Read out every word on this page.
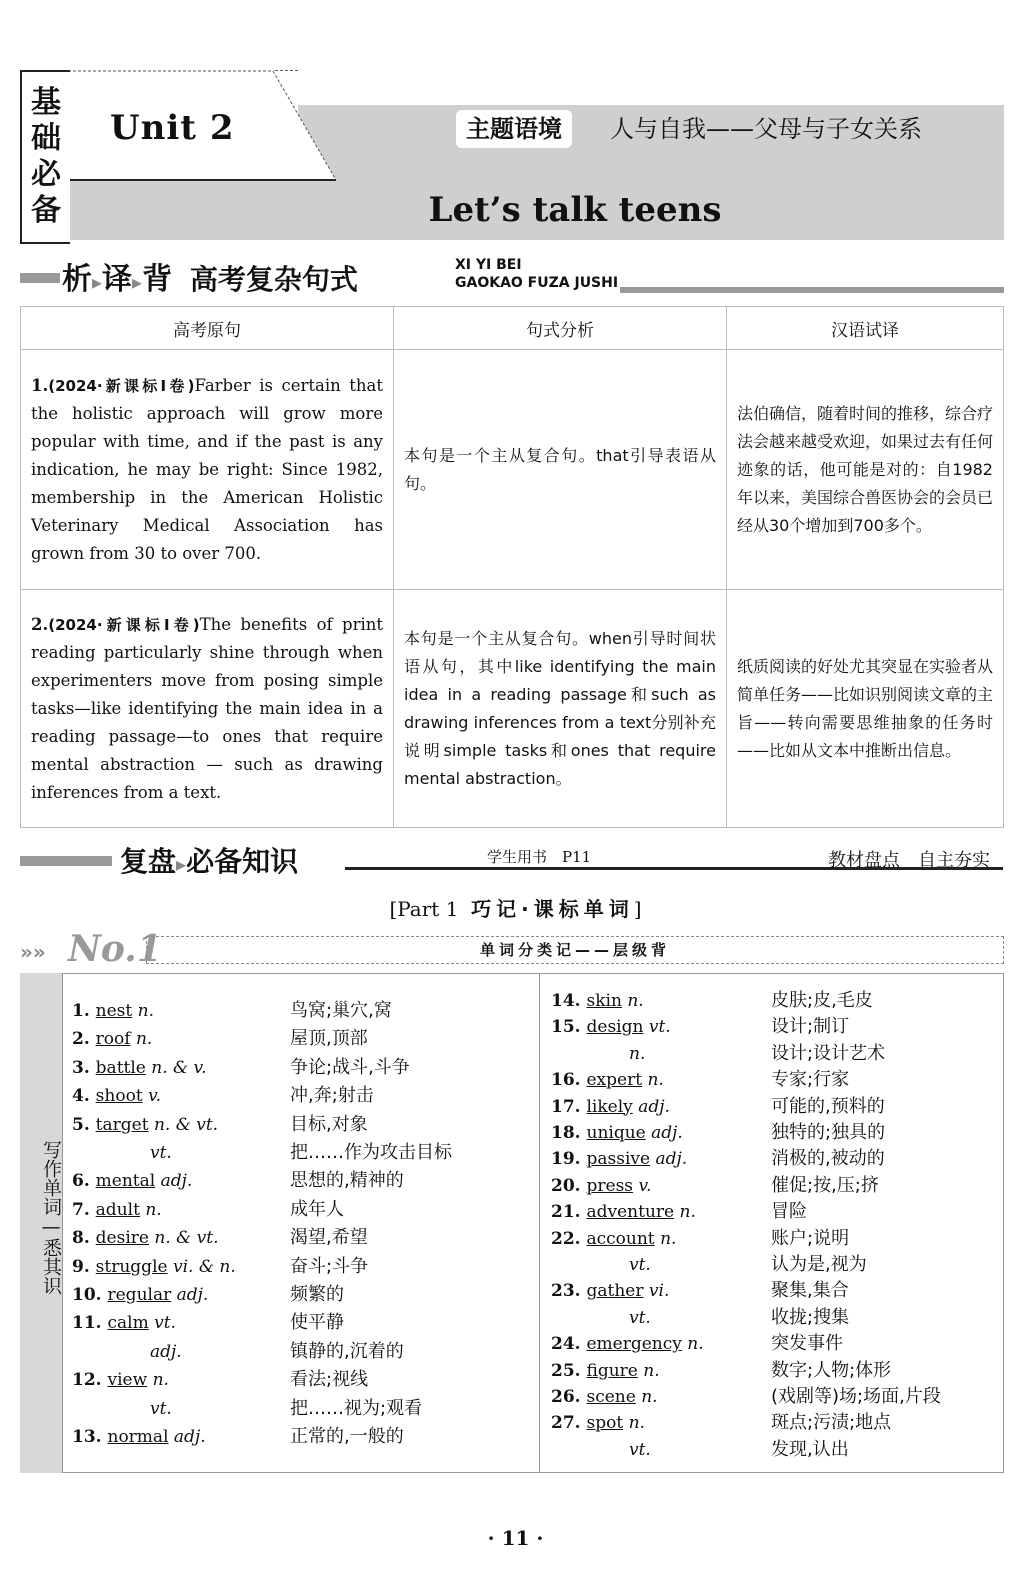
基
础
必
备
Unit 2	主题语境	人与自我——父母与子女关系
Let’s talk teens
析▸译▸背 高考复杂句式	XI YI BEI
GAOKAO FUZA JUSHI
高考原句	句式分析	汉语试译
1.(2024·新课标Ⅰ卷)Farber is certain that the holistic approach will grow more popular with time, and if the past is any indication, he may be right: Since 1982, membership in the American Holistic Veterinary Medical Association has grown from 30 to over 700.	本句是一个主从复合句。that引导表语从句。	法伯确信，随着时间的推移，综合疗法会越来越受欢迎，如果过去有任何迹象的话，他可能是对的：自1982年以来，美国综合兽医协会的会员已经从30个增加到700多个。
2.(2024·新课标Ⅰ卷)The benefits of print reading particularly shine through when experimenters move from posing simple tasks—like identifying the main idea in a reading passage—to ones that require mental abstraction — such as drawing inferences from a text.	本句是一个主从复合句。when引导时间状语从句，其中like identifying the main idea in a reading passage和such as drawing inferences from a text分别补充说明simple tasks和ones that require mental abstraction。	纸质阅读的好处尤其突显在实验者从简单任务——比如识别阅读文章的主旨——转向需要思维抽象的任务时——比如从文本中推断出信息。
复盘▸必备知识	学生用书　P11	教材盘点　自主夯实
[Part 1 巧记·课标单词]
»» No.1	单词分类记——层级背
写作单词—悉其识
1. nest n.	鸟窝;巢穴,窝
2. roof n.	屋顶,顶部
3. battle n. & v.	争论;战斗,斗争
4. shoot v.	冲,奔;射击
5. target n. & vt.	目标,对象
vt.	把……作为攻击目标
6. mental adj.	思想的,精神的
7. adult n.	成年人
8. desire n. & vt.	渴望,希望
9. struggle vi. & n.	奋斗;斗争
10. regular adj.	频繁的
11. calm vt.	使平静
adj.	镇静的,沉着的
12. view n.	看法;视线
vt.	把……视为;观看
13. normal adj.	正常的,一般的
14. skin n.	皮肤;皮,毛皮
15. design vt.	设计;制订
n.	设计;设计艺术
16. expert n.	专家;行家
17. likely adj.	可能的,预料的
18. unique adj.	独特的;独具的
19. passive adj.	消极的,被动的
20. press v.	催促;按,压;挤
21. adventure n.	冒险
22. account n.	账户;说明
vt.	认为是,视为
23. gather vi.	聚集,集合
vt.	收拢;搜集
24. emergency n.	突发事件
25. figure n.	数字;人物;体形
26. scene n.	(戏剧等)场;场面,片段
27. spot n.	斑点;污渍;地点
vt.	发现,认出
· 11 ·
